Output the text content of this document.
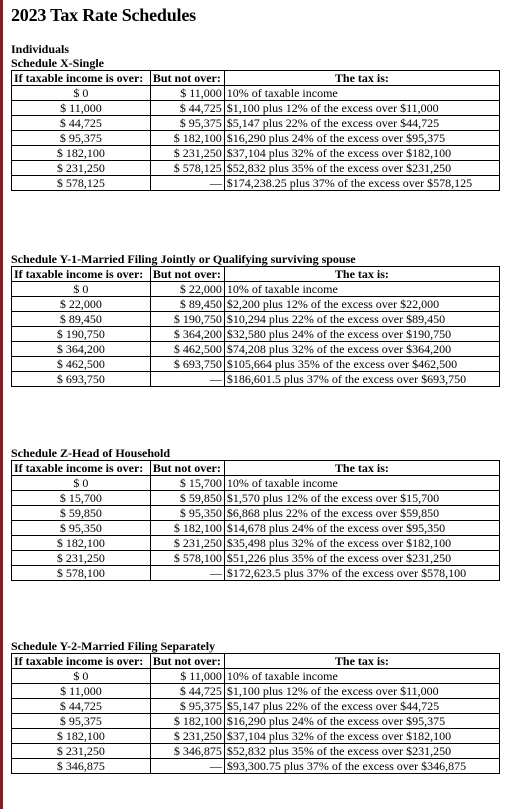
2023 Tax Rate Schedules
Individuals
Schedule X-Single
If taxable income is over:	But not over:	The tax is:
$ 0	$ 11,000	10% of taxable income
$ 11,000	$ 44,725	$1,100 plus 12% of the excess over $11,000
$ 44,725	$ 95,375	$5,147 plus 22% of the excess over $44,725
$ 95,375	$ 182,100	$16,290 plus 24% of the excess over $95,375
$ 182,100	$ 231,250	$37,104 plus 32% of the excess over $182,100
$ 231,250	$ 578,125	$52,832 plus 35% of the excess over $231,250
$ 578,125	—	$174,238.25 plus 37% of the excess over $578,125
Schedule Y-1-Married Filing Jointly or Qualifying surviving spouse
If taxable income is over:	But not over:	The tax is:
$ 0	$ 22,000	10% of taxable income
$ 22,000	$ 89,450	$2,200 plus 12% of the excess over $22,000
$ 89,450	$ 190,750	$10,294 plus 22% of the excess over $89,450
$ 190,750	$ 364,200	$32,580 plus 24% of the excess over $190,750
$ 364,200	$ 462,500	$74,208 plus 32% of the excess over $364,200
$ 462,500	$ 693,750	$105,664 plus 35% of the excess over $462,500
$ 693,750	—	$186,601.5 plus 37% of the excess over $693,750
Schedule Z-Head of Household
If taxable income is over:	But not over:	The tax is:
$ 0	$ 15,700	10% of taxable income
$ 15,700	$ 59,850	$1,570 plus 12% of the excess over $15,700
$ 59,850	$ 95,350	$6,868 plus 22% of the excess over $59,850
$ 95,350	$ 182,100	$14,678 plus 24% of the excess over $95,350
$ 182,100	$ 231,250	$35,498 plus 32% of the excess over $182,100
$ 231,250	$ 578,100	$51,226 plus 35% of the excess over $231,250
$ 578,100	—	$172,623.5 plus 37% of the excess over $578,100
Schedule Y-2-Married Filing Separately
If taxable income is over:	But not over:	The tax is:
$ 0	$ 11,000	10% of taxable income
$ 11,000	$ 44,725	$1,100 plus 12% of the excess over $11,000
$ 44,725	$ 95,375	$5,147 plus 22% of the excess over $44,725
$ 95,375	$ 182,100	$16,290 plus 24% of the excess over $95,375
$ 182,100	$ 231,250	$37,104 plus 32% of the excess over $182,100
$ 231,250	$ 346,875	$52,832 plus 35% of the excess over $231,250
$ 346,875	—	$93,300.75 plus 37% of the excess over $346,875
